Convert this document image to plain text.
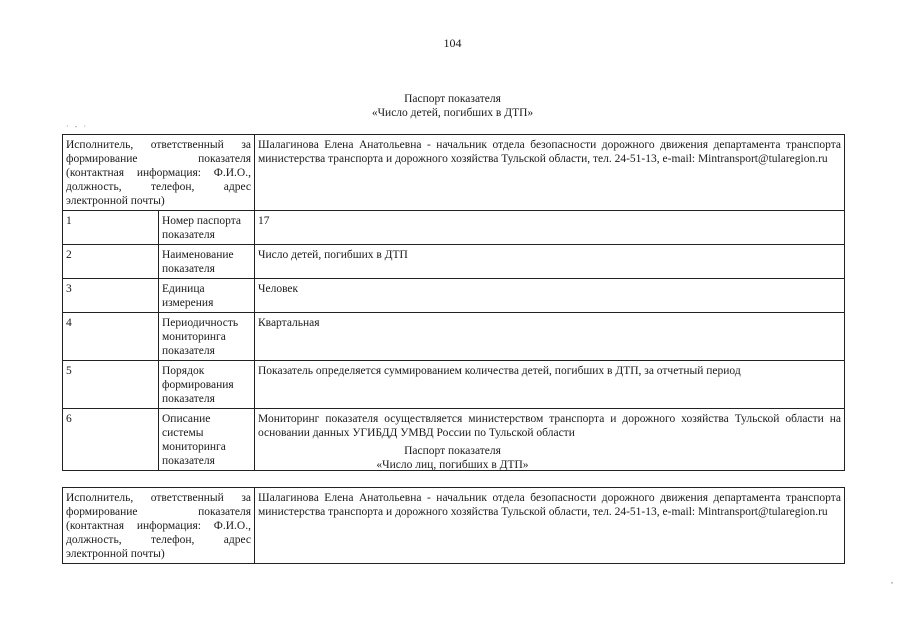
104
Паспорт показателя
«Число детей, погибших в ДТП»
· ‐ ·
Исполнитель, ответственный за формирование показателя (контактная информация: Ф.И.О., должность, телефон, адрес электронной почты)		Шалагинова Елена Анатольевна - начальник отдела безопасности дорожного движения департамента транспорта министерства транспорта и дорожного хозяйства Тульской области, тел. 24-51-13, e-mail: Mintransport@tularegion.ru
1	Номер паспорта показателя	17
2	Наименование показателя	Число детей, погибших в ДТП
3	Единица измерения	Человек
4	Периодичность мониторинга показателя	Квартальная
5	Порядок формирования показателя	Показатель определяется суммированием количества детей, погибших в ДТП, за отчетный период
6	Описание системы мониторинга показателя	Мониторинг показателя осуществляется министерством транспорта и дорожного хозяйства Тульской области на основании данных УГИБДД УМВД России по Тульской области
Паспорт показателя
«Число лиц, погибших в ДТП»
Исполнитель, ответственный за формирование показателя (контактная информация: Ф.И.О., должность, телефон, адрес электронной почты)	Шалагинова Елена Анатольевна - начальник отдела безопасности дорожного движения департамента транспорта министерства транспорта и дорожного хозяйства Тульской области, тел. 24-51-13, e-mail: Mintransport@tularegion.ru
,
